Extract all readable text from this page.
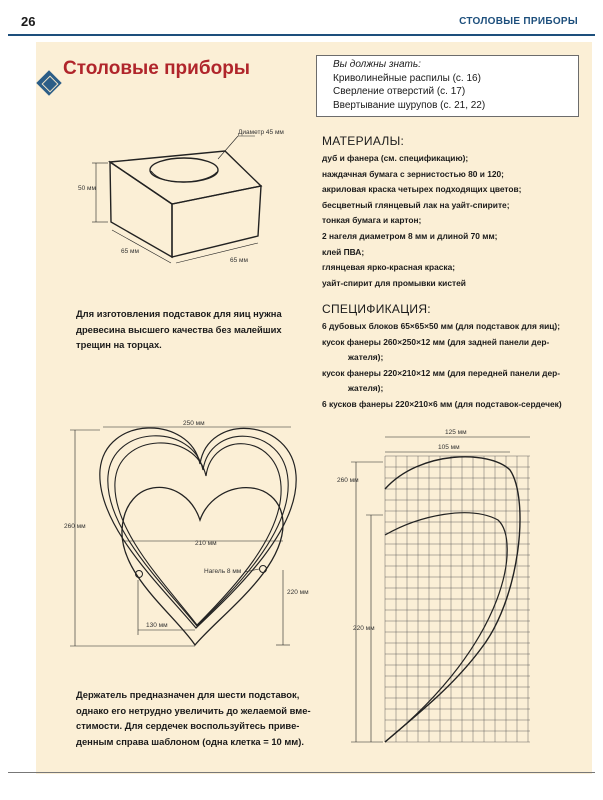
26	СТОЛОВЫЕ ПРИБОРЫ
Столовые приборы	Вы должны знать:
Криволинейные распилы (с. 16)
Сверление отверстий (с. 17)
Ввертывание шурупов (с. 21, 22)
МАТЕРИАЛЫ:
дуб и фанера (см. спецификацию);
наждачная бумага с зернистостью 80 и 120;
акриловая краска четырех подходящих цветов;
бесцветный глянцевый лак на уайт-спирите;
тонкая бумага и картон;
2 нагеля диаметром 8 мм и длиной 70 мм;
клей ПВА;
глянцевая ярко-красная краска;
уайт-спирит для промывки кистей
СПЕЦИФИКАЦИЯ:
6 дубовых блоков 65×65×50 мм (для подставок для яиц);
кусок фанеры 260×250×12 мм (для задней панели дер-
жателя);
кусок фанеры 220×210×12 мм (для передней панели дер-
жателя);
6 кусков фанеры 220×210×6 мм (для подставок-сердечек)
Для изготовления подставок для яиц нужна
древесина высшего качества без малейших
трещин на торцах.
Держатель предназначен для шести подставок,
однако его нетрудно увеличить до желаемой вме-
стимости. Для сердечек воспользуйтесь приве-
денным справа шаблоном (одна клетка = 10 мм).
Диаметр 45 мм
50 мм
65 мм
65 мм
250 мм
260 мм
210 мм
Нагель 8 мм
220 мм
130 мм
125 мм
105 мм
260 мм
220 мм
